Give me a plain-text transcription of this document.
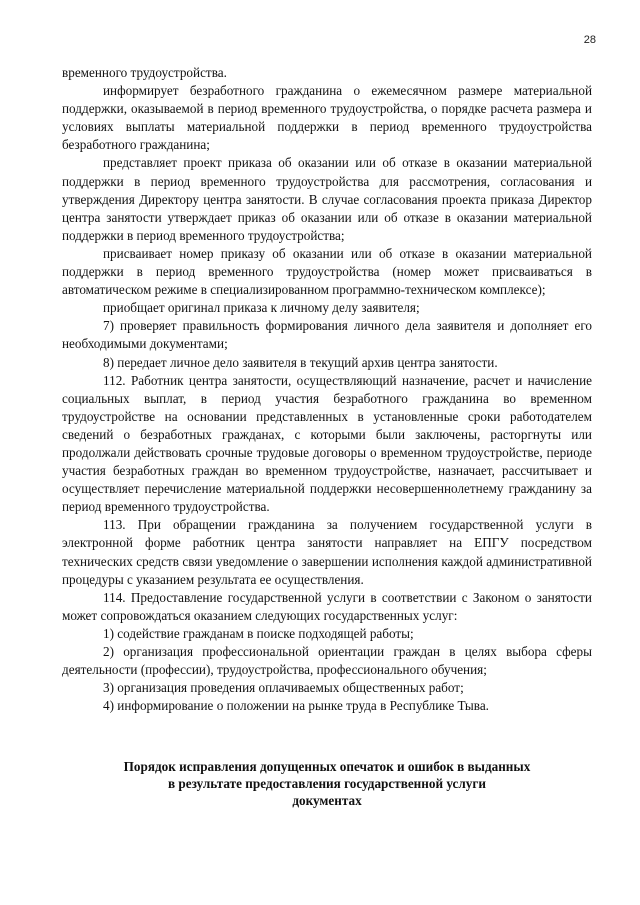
28

временного трудоустройства.

информирует безработного гражданина о ежемесячном размере материальной поддержки, оказываемой в период временного трудоустройства, о порядке расчета размера и условиях выплаты материальной поддержки в период временного трудоустройства безработного гражданина;

представляет проект приказа об оказании или об отказе в оказании материальной поддержки в период временного трудоустройства для рассмотрения, согласования и утверждения Директору центра занятости. В случае согласования проекта приказа Директор центра занятости утверждает приказ об оказании или об отказе в оказании материальной поддержки в период временного трудоустройства;

присваивает номер приказу об оказании или об отказе в оказании материальной поддержки в период временного трудоустройства (номер может присваиваться в автоматическом режиме в специализированном программно-техническом комплексе);

приобщает оригинал приказа к личному делу заявителя;

7) проверяет правильность формирования личного дела заявителя и дополняет его необходимыми документами;

8) передает личное дело заявителя в текущий архив центра занятости.

112. Работник центра занятости, осуществляющий назначение, расчет и начисление социальных выплат, в период участия безработного гражданина во временном трудоустройстве на основании представленных в установленные сроки работодателем сведений о безработных гражданах, с которыми были заключены, расторгнуты или продолжали действовать срочные трудовые договоры о временном трудоустройстве, периоде участия безработных граждан во временном трудоустройстве, назначает, рассчитывает и осуществляет перечисление материальной поддержки несовершеннолетнему гражданину за период временного трудоустройства.

113. При обращении гражданина за получением государственной услуги в электронной форме работник центра занятости направляет на ЕПГУ посредством технических средств связи уведомление о завершении исполнения каждой административной процедуры с указанием результата ее осуществления.

114. Предоставление государственной услуги в соответствии с Законом о занятости может сопровождаться оказанием следующих государственных услуг:

1) содействие гражданам в поиске подходящей работы;

2) организация профессиональной ориентации граждан в целях выбора сферы деятельности (профессии), трудоустройства, профессионального обучения;

3) организация проведения оплачиваемых общественных работ;

4) информирование о положении на рынке труда в Республике Тыва.

Порядок исправления допущенных опечаток и ошибок в выданных
в результате предоставления государственной услуги
документах
